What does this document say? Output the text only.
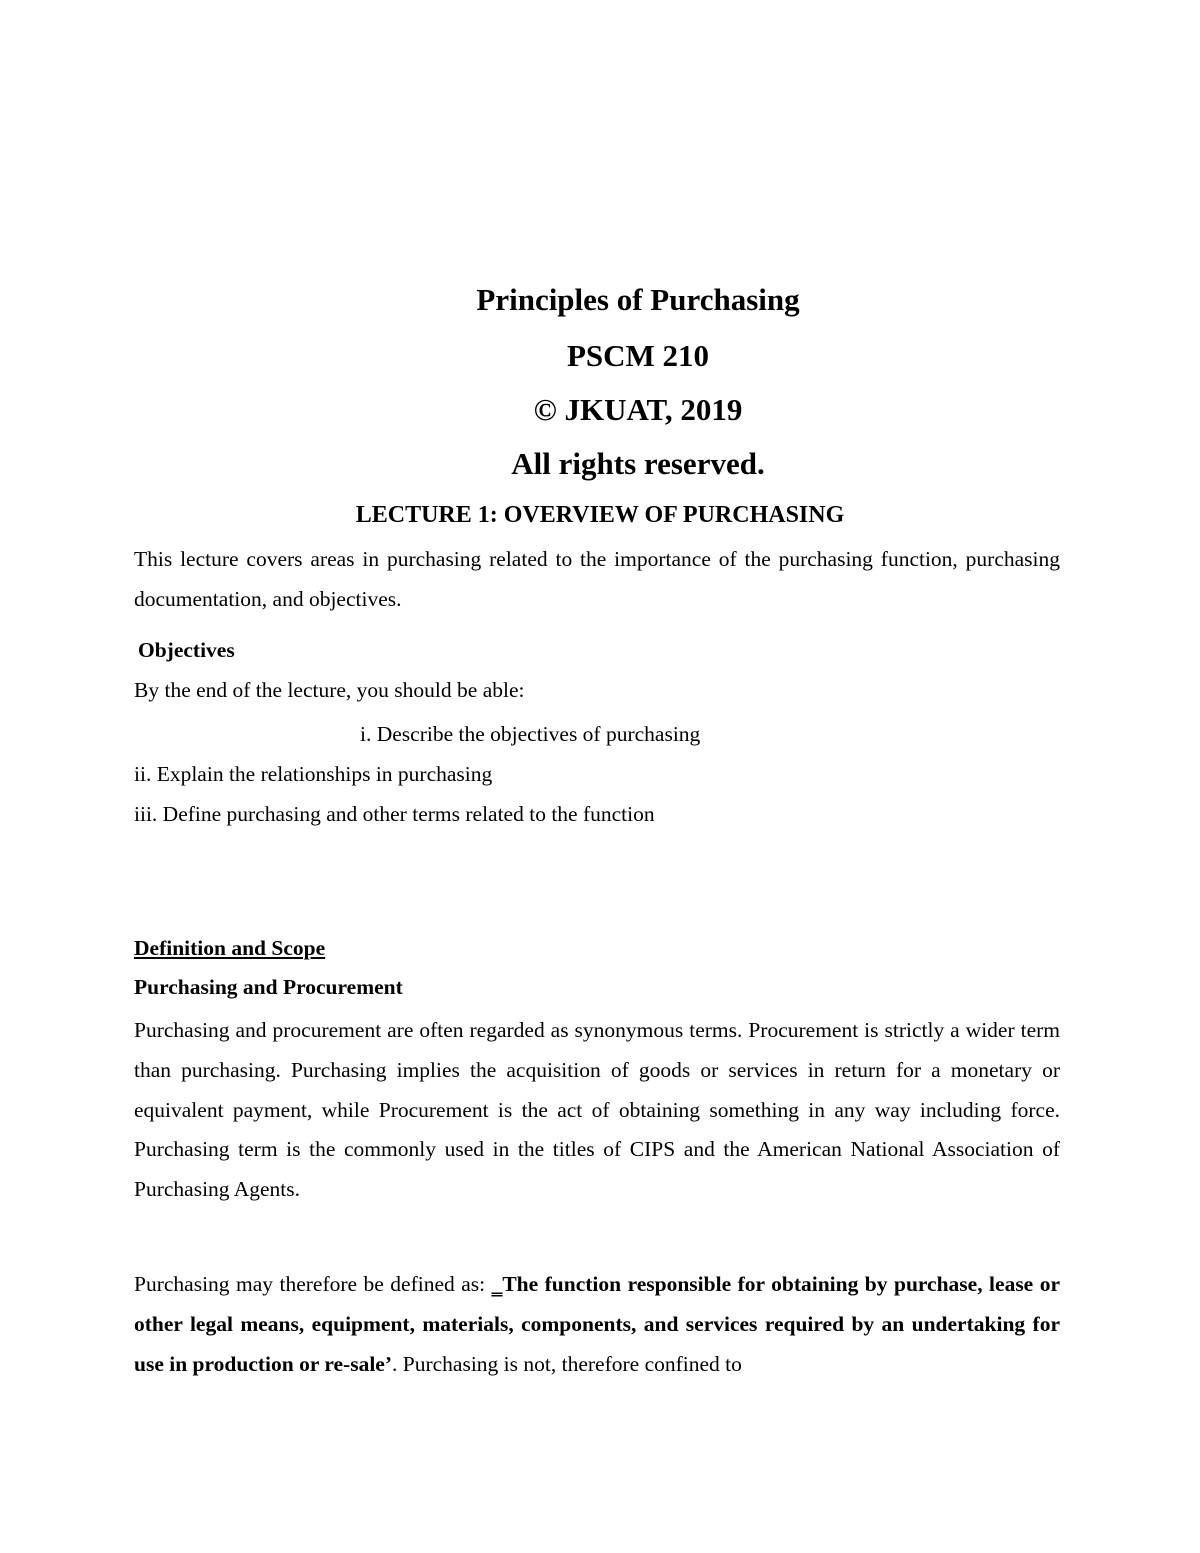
Principles of Purchasing
PSCM 210
© JKUAT, 2019
All rights reserved.
LECTURE 1: OVERVIEW OF PURCHASING
This lecture covers areas in purchasing related to the importance of the purchasing function, purchasing documentation, and objectives.
Objectives
By the end of the lecture, you should be able:
i. Describe the objectives of purchasing
ii. Explain the relationships in purchasing
iii. Define purchasing and other terms related to the function
Definition and Scope
Purchasing and Procurement
Purchasing and procurement are often regarded as synonymous terms. Procurement is strictly a wider term than purchasing. Purchasing implies the acquisition of goods or services in return for a monetary or equivalent payment, while Procurement is the act of obtaining something in any way including force. Purchasing term is the commonly used in the titles of CIPS and the American National Association of Purchasing Agents.
Purchasing may therefore be defined as: ‗The function responsible for obtaining by purchase, lease or other legal means, equipment, materials, components, and services required by an undertaking for use in production or re-sale’. Purchasing is not, therefore confined to
